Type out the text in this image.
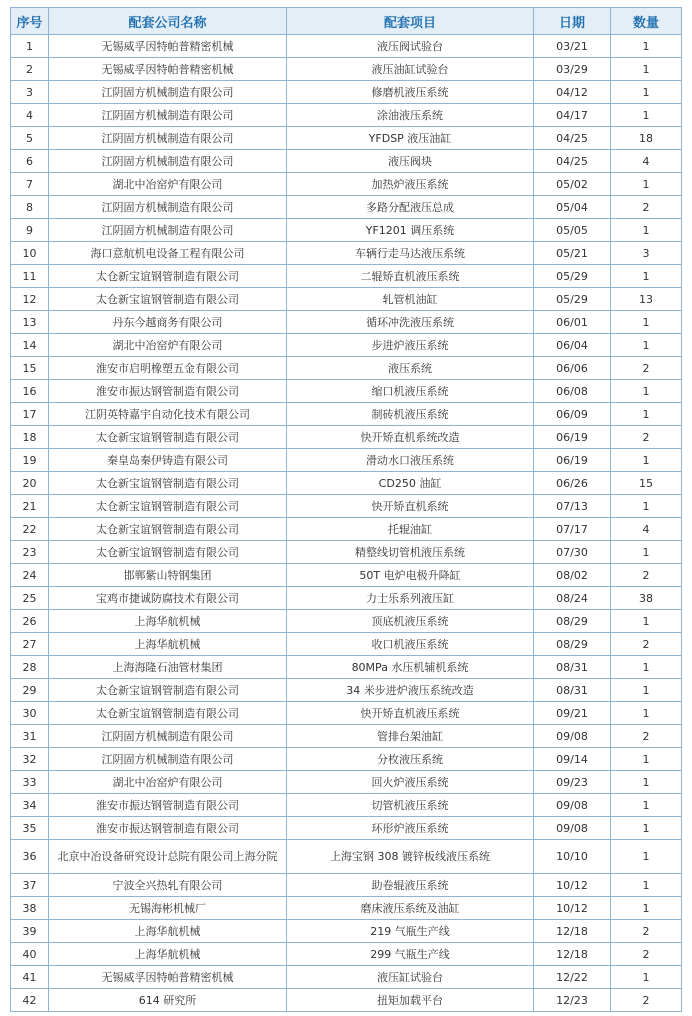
序号	配套公司名称	配套项目	日期	数量
1	无锡威孚因特帕普精密机械	液压阀试验台	03/21	1
2	无锡威孚因特帕普精密机械	液压油缸试验台	03/29	1
3	江阴固方机械制造有限公司	修磨机液压系统	04/12	1
4	江阴固方机械制造有限公司	涂油液压系统	04/17	1
5	江阴固方机械制造有限公司	YFDSP 液压油缸	04/25	18
6	江阴固方机械制造有限公司	液压阀块	04/25	4
7	湖北中冶窑炉有限公司	加热炉液压系统	05/02	1
8	江阴固方机械制造有限公司	多路分配液压总成	05/04	2
9	江阴固方机械制造有限公司	YF1201 调压系统	05/05	1
10	海口意航机电设备工程有限公司	车辆行走马达液压系统	05/21	3
11	太仓新宝谊钢管制造有限公司	二辊矫直机液压系统	05/29	1
12	太仓新宝谊钢管制造有限公司	轧管机油缸	05/29	13
13	丹东今越商务有限公司	循环冲洗液压系统	06/01	1
14	湖北中冶窑炉有限公司	步进炉液压系统	06/04	1
15	淮安市启明橡塑五金有限公司	液压系统	06/06	2
16	淮安市振达钢管制造有限公司	缩口机液压系统	06/08	1
17	江阴英特嘉宇自动化技术有限公司	制砖机液压系统	06/09	1
18	太仓新宝谊钢管制造有限公司	快开矫直机系统改造	06/19	2
19	秦皇岛秦伊铸造有限公司	滑动水口液压系统	06/19	1
20	太仓新宝谊钢管制造有限公司	CD250 油缸	06/26	15
21	太仓新宝谊钢管制造有限公司	快开矫直机系统	07/13	1
22	太仓新宝谊钢管制造有限公司	托辊油缸	07/17	4
23	太仓新宝谊钢管制造有限公司	精整线切管机液压系统	07/30	1
24	邯郸紫山特钢集团	50T 电炉电极升降缸	08/02	2
25	宝鸡市捷诚防腐技术有限公司	力士乐系列液压缸	08/24	38
26	上海华航机械	顶底机液压系统	08/29	1
27	上海华航机械	收口机液压系统	08/29	2
28	上海海隆石油管材集团	80MPa 水压机辅机系统	08/31	1
29	太仓新宝谊钢管制造有限公司	34 米步进炉液压系统改造	08/31	1
30	太仓新宝谊钢管制造有限公司	快开矫直机液压系统	09/21	1
31	江阴固方机械制造有限公司	管排台架油缸	09/08	2
32	江阴固方机械制造有限公司	分枚液压系统	09/14	1
33	湖北中冶窑炉有限公司	回火炉液压系统	09/23	1
34	淮安市振达钢管制造有限公司	切管机液压系统	09/08	1
35	淮安市振达钢管制造有限公司	环形炉液压系统	09/08	1
36	北京中冶设备研究设计总院有限公司上海分院	上海宝钢 308 镀锌板线液压系统	10/10	1
37	宁波全兴热轧有限公司	助卷辊液压系统	10/12	1
38	无锡海彬机械厂	磨床液压系统及油缸	10/12	1
39	上海华航机械	219 气瓶生产线	12/18	2
40	上海华航机械	299 气瓶生产线	12/18	2
41	无锡威孚因特帕普精密机械	液压缸试验台	12/22	1
42	614 研究所	扭矩加载平台	12/23	2
